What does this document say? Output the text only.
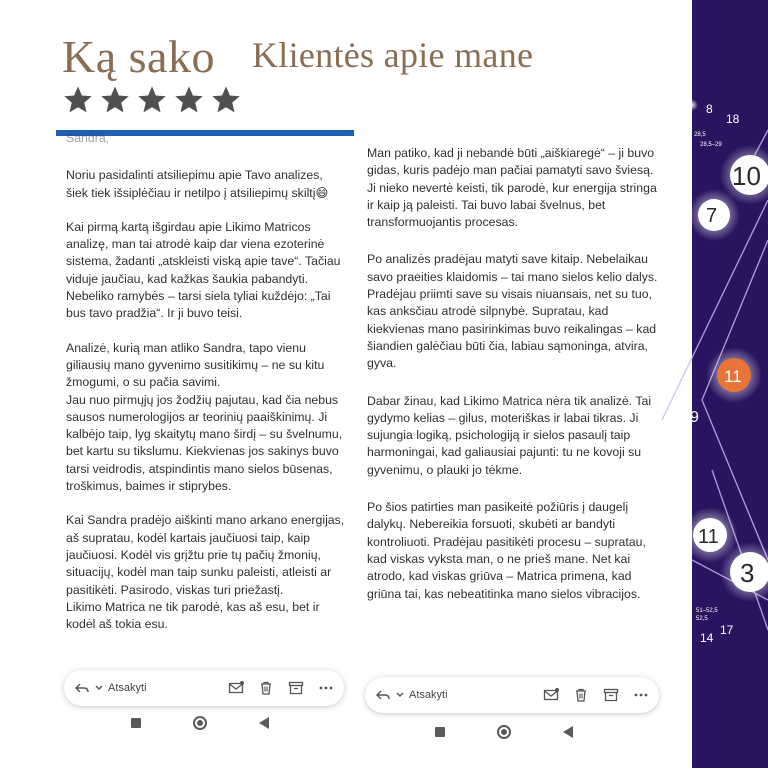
Ką sako Klientės apie mane
Sandra,
Noriu pasidalinti atsiliepimu apie Tavo analizes, šiek tiek išsiplėčiau ir netilpo į atsiliepimų skiltį😄
Kai pirmą kartą išgirdau apie Likimo Matricos analizę, man tai atrodė kaip dar viena ezoterinė sistema, žadanti „atskleisti viską apie tave“. Tačiau viduje jaučiau, kad kažkas šaukia pabandyti. Nebeliko ramybės – tarsi siela tyliai kuždėjo: „Tai bus tavo pradžia“. Ir ji buvo teisi.
Analizė, kurią man atliko Sandra, tapo vienu giliausių mano gyvenimo susitikimų – ne su kitu žmogumi, o su pačia savimi.
Jau nuo pirmųjų jos žodžių pajutau, kad čia nebus sausos numerologijos ar teorinių paaiškinimų. Ji kalbėjo taip, lyg skaitytų mano širdį – su švelnumu, bet kartu su tikslumu. Kiekvienas jos sakinys buvo tarsi veidrodis, atspindintis mano sielos būsenas, troškimus, baimes ir stiprybes.
Kai Sandra pradėjo aiškinti mano arkano energijas, aš supratau, kodėl kartais jaučiuosi taip, kaip jaučiuosi. Kodėl vis grįžtu prie tų pačių žmonių, situacijų, kodėl man taip sunku paleisti, atleisti ar pasitikėti. Pasirodo, viskas turi priežastį.
Likimo Matrica ne tik parodė, kas aš esu, bet ir kodėl aš tokia esu.
Atsakyti
Man patiko, kad ji nebandė būti „aiškiaregė“ – ji buvo gidas, kuris padėjo man pačiai pamatyti savo šviesą. Ji nieko nevertė keisti, tik parodė, kur energija stringa ir kaip ją paleisti. Tai buvo labai švelnus, bet transformuojantis procesas.
Po analizės pradėjau matyti save kitaip. Nebelaikau savo praeities klaidomis – tai mano sielos kelio dalys. Pradėjau priimti save su visais niuansais, net su tuo, kas anksčiau atrodė silpnybė. Supratau, kad kiekvienas mano pasirinkimas buvo reikalingas – kad šiandien galėčiau būti čia, labiau sąmoninga, atvira, gyva.
Dabar žinau, kad Likimo Matrica nėra tik analizė. Tai gydymo kelias – gilus, moteriškas ir labai tikras. Ji sujungia logiką, psichologiją ir sielos pasaulį taip harmoningai, kad galiausiai pajunti: tu ne kovoji su gyvenimu, o plauki jo tėkme.
Po šios patirties man pasikeitė požiūris į daugelį dalykų. Nebereikia forsuoti, skubėti ar bandyti kontroliuoti. Pradėjau pasitikėti procesu – supratau, kad viskas vyksta man, o ne prieš mane. Net kai atrodo, kad viskas griūva – Matrica primena, kad griūna tai, kas nebeatitinka mano sielos vibracijos.
Atsakyti
8
18
28,5
28,5–29
10
7
11
9
11
3
51–52,5
52,5
14
17
